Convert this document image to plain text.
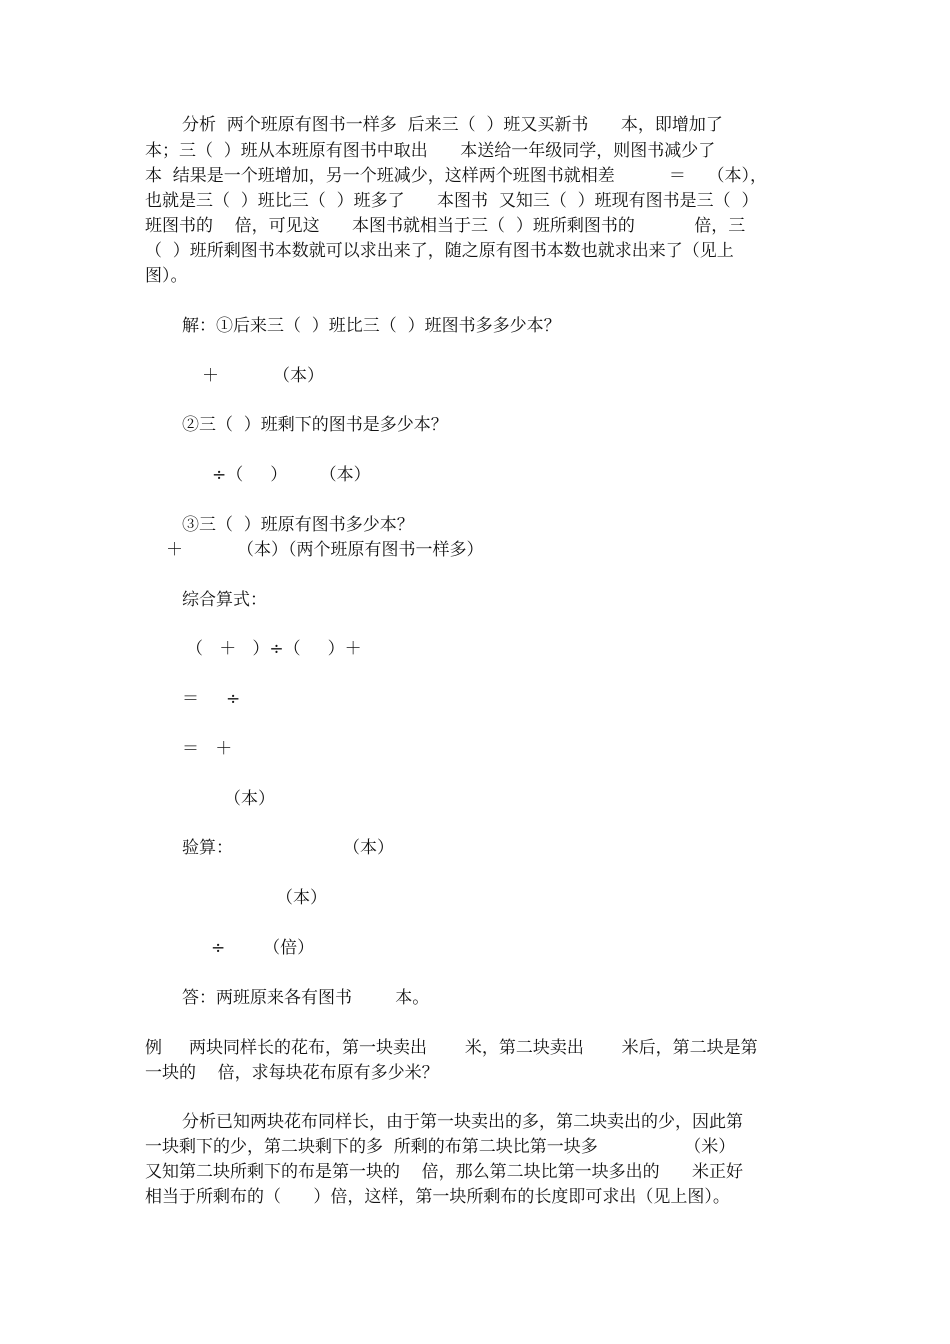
分析  两个班原有图书一样多  后来三（  ）班又买新书      本，即增加了
本；三（  ）班从本班原有图书中取出      本送给一年级同学，则图书减少了
本  结果是一个班增加，另一个班减少，这样两个班图书就相差          ＝    （本），
也就是三（  ）班比三（  ）班多了      本图书  又知三（  ）班现有图书是三（  ）
班图书的    倍，可见这      本图书就相当于三（  ）班所剩图书的           倍，三
（  ）班所剩图书本数就可以求出来了，随之原有图书本数也就求出来了（见上
图）。
解：①后来三（  ）班比三（  ）班图书多多少本？
＋          （本）
②三（  ）班剩下的图书是多少本？
÷（     ）      （本）
③三（  ）班原有图书多少本？
＋          （本）（两个班原有图书一样多）
综合算式：
（   ＋   ）÷（     ）＋
＝     ÷
＝   ＋
（本）
验算：	（本）
（本）
÷       （倍）
答：两班原来各有图书        本。
例     两块同样长的花布，第一块卖出       米，第二块卖出       米后，第二块是第
一块的    倍，求每块花布原有多少米？
分析已知两块花布同样长，由于第一块卖出的多，第二块卖出的少，因此第
一块剩下的少，第二块剩下的多  所剩的布第二块比第一块多                （米）
又知第二块所剩下的布是第一块的    倍，那么第二块比第一块多出的      米正好
相当于所剩布的（      ）倍，这样，第一块所剩布的长度即可求出（见上图）。
